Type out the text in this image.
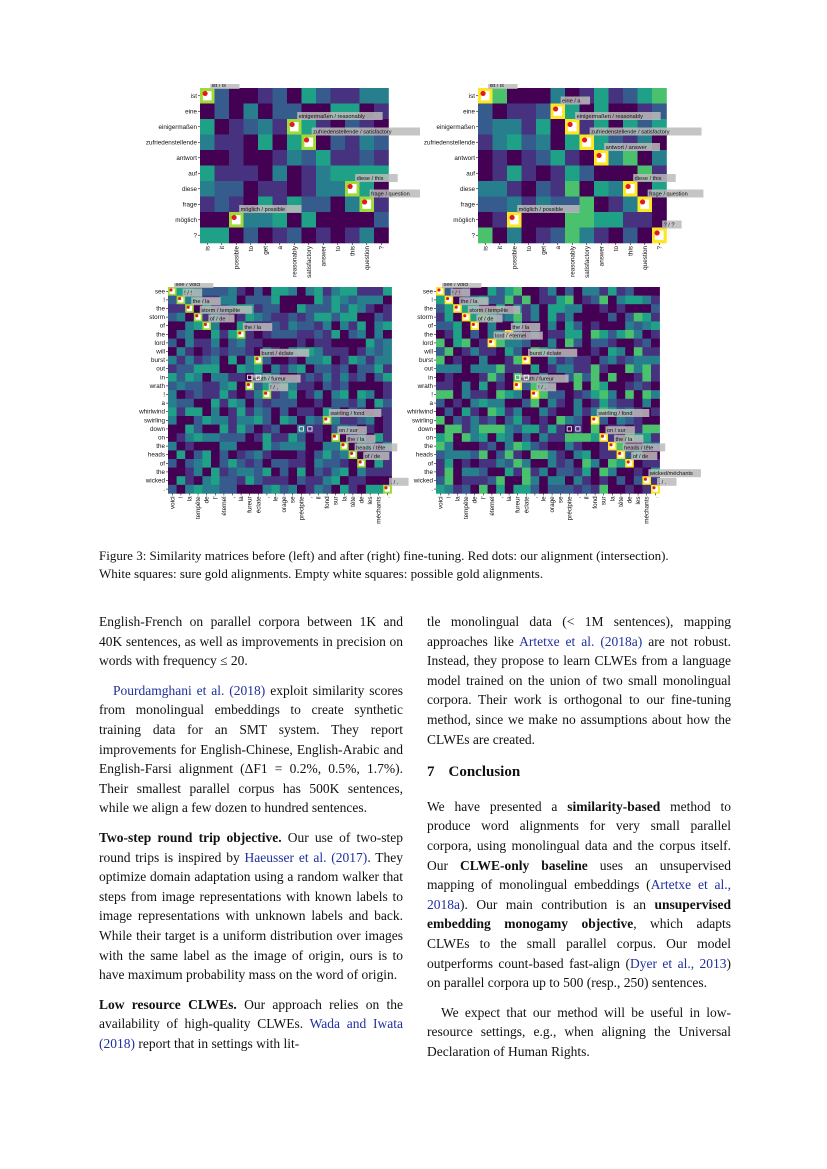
ist
eine
einigermaßen
zufriedenstellende
antwort
auf
diese
frage
möglich
?
is it possible to get a reasonably satisfactory answer to this question ?
ist / is
einigermaßen / reasonably
zufriedenstellende / satisfactory
diese / this
frage / question
möglich / possible
ist
eine
einigermaßen
zufriedenstellende
antwort
auf
diese
frage
möglich
?
is it possible to get a reasonably satisfactory answer to this question ?
ist / is
eine / a
einigermaßen / reasonably
zufriedenstellende / satisfactory
antwort / answer
diese / this
frage / question
möglich / possible
? / ?
see
!
the
storm
of
the
lord
will
burst
out
in
wrath
!
a
whirlwind
swirling
down
on
the
heads
of
the
wicked
.
voici ! la tempête de l' éternel , la fureur éclate , le orage se précipite , il fond sur la tête de les méchants .
see / voici
! / !
the / la
storm / tempête
of / de
the / la
burst / éclate
wrath / fureur
! / ,
swirling / fond
on / sur
the / la
heads / tête
of / de
. / .
see
!
the
storm
of
the
lord
will
burst
out
in
wrath
!
a
whirlwind
swirling
down
on
the
heads
of
the
wicked
.
voici ! la tempête de l' éternel , la fureur éclate , le orage se précipite , il fond sur la tête de les méchants .
see / voici
! / !
the / la
storm / tempête
of / de
the / la
lord / éternel
burst / éclate
wrath / fureur
! / ,
swirling / fond
on / sur
the / la
heads / tête
of / de
wicked/méchants
. / .
Figure 3: Similarity matrices before (left) and after (right) fine-tuning. Red dots: our alignment (intersection).
White squares: sure gold alignments. Empty white squares: possible gold alignments.

English-French on parallel corpora between 1K and 40K sentences, as well as improvements in precision on words with frequency ≤ 20.

Pourdamghani et al. (2018) exploit similarity scores from monolingual embeddings to create synthetic training data for an SMT system. They report improvements for English-Chinese, English-Arabic and English-Farsi alignment (ΔF1 = 0.2%, 0.5%, 1.7%). Their smallest parallel corpus has 500K sentences, while we align a few dozen to hundred sentences.

Two-step round trip objective. Our use of two-step round trips is inspired by Haeusser et al. (2017). They optimize domain adaptation using a random walker that steps from image representations with known labels to image representations with unknown labels and back. While their target is a uniform distribution over images with the same label as the image of origin, ours is to have maximum probability mass on the word of origin.

Low resource CLWEs. Our approach relies on the availability of high-quality CLWEs. Wada and Iwata (2018) report that in settings with lit-

tle monolingual data (< 1M sentences), mapping approaches like Artetxe et al. (2018a) are not robust. Instead, they propose to learn CLWEs from a language model trained on the union of two small monolingual corpora. Their work is orthogonal to our fine-tuning method, since we make no assumptions about how the CLWEs are created.

7 Conclusion

We have presented a similarity-based method to produce word alignments for very small parallel corpora, using monolingual data and the corpus itself. Our CLWE-only baseline uses an unsupervised mapping of monolingual embeddings (Artetxe et al., 2018a). Our main contribution is an unsupervised embedding monogamy objective, which adapts CLWEs to the small parallel corpus. Our model outperforms count-based fast-align (Dyer et al., 2013) on parallel corpora up to 500 (resp., 250) sentences.

We expect that our method will be useful in low-resource settings, e.g., when aligning the Universal Declaration of Human Rights.
